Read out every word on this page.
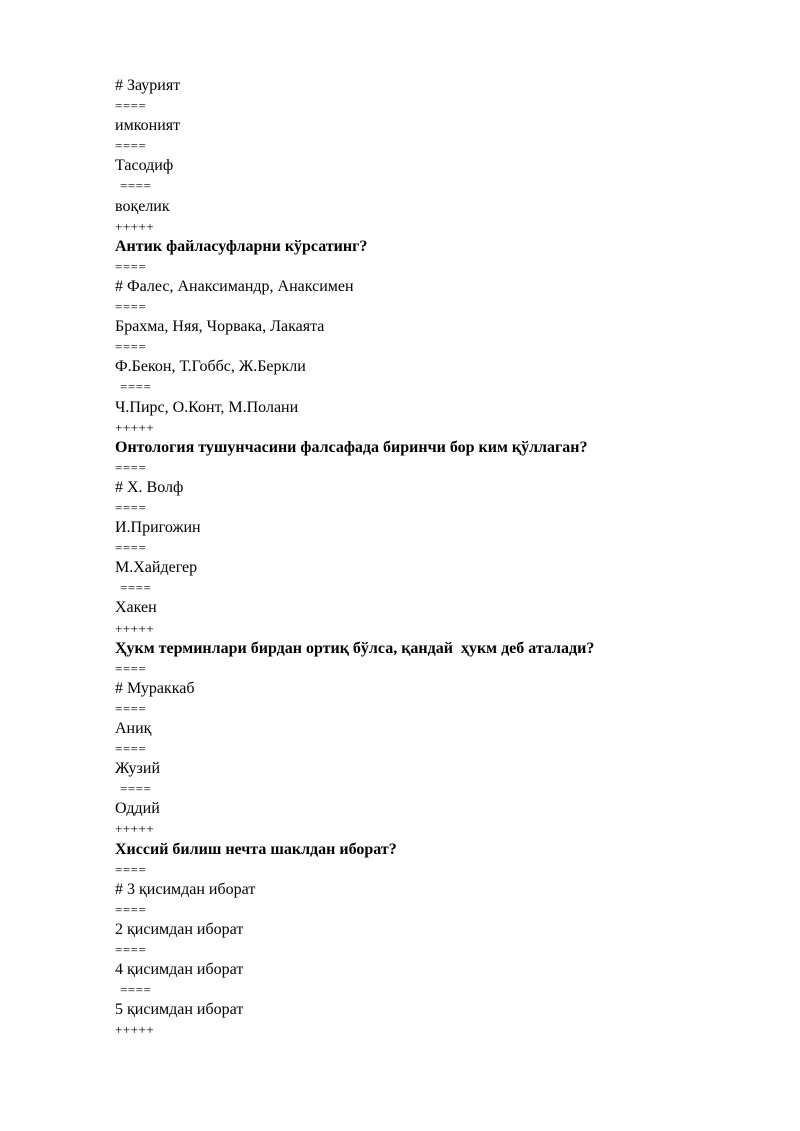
# Заурият
====
имконият
====
Тасодиф
====
воқелик
+++++
Антик файласуфларни кўрсатинг?
====
# Фалес, Анаксимандр, Анаксимен
====
Брахма, Няя, Чорвака, Лакаята
====
Ф.Бекон, Т.Гоббс, Ж.Беркли
====
Ч.Пирс, О.Конт, М.Полани
+++++
Онтология тушунчасини фалсафада биринчи бор ким қўллаган?
====
# Х. Волф
====
И.Пригожин
====
М.Хайдегер
====
Хакен
+++++
Ҳукм терминлари бирдан ортиқ бўлса, қандай  ҳукм деб аталади?
====
# Мураккаб
====
Аниқ
====
Жузий
====
Оддий
+++++
Хиссий билиш нечта шаклдан иборат?
====
# 3 қисимдан иборат
====
2 қисимдан иборат
====
4 қисимдан иборат
====
5 қисимдан иборат
+++++
